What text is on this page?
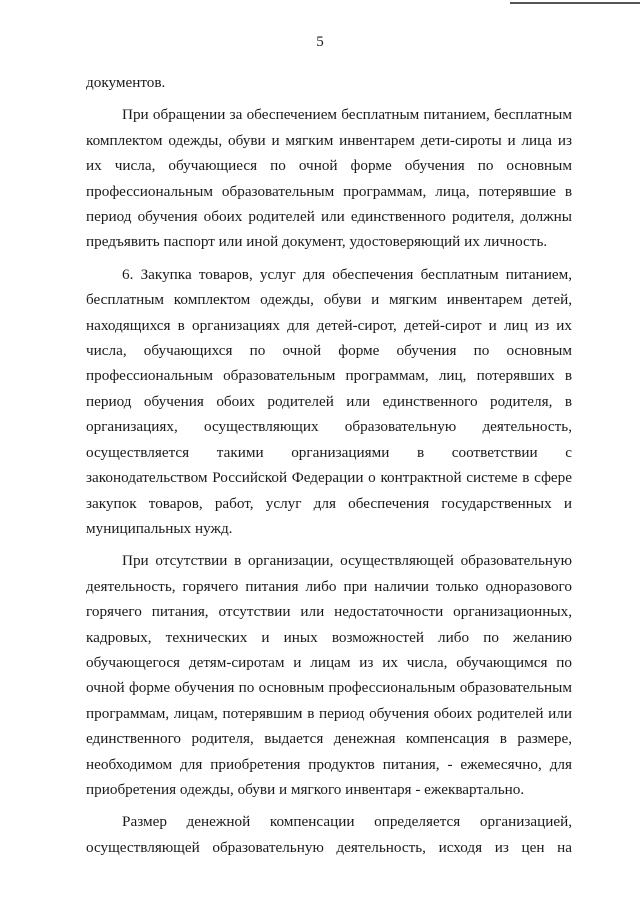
5

документов.

При обращении за обеспечением бесплатным питанием, бесплатным комплектом одежды, обуви и мягким инвентарем дети-сироты и лица из их числа, обучающиеся по очной форме обучения по основным профессиональным образовательным программам, лица, потерявшие в период обучения обоих родителей или единственного родителя, должны предъявить паспорт или иной документ, удостоверяющий их личность.

6. Закупка товаров, услуг для обеспечения бесплатным питанием, бесплатным комплектом одежды, обуви и мягким инвентарем детей, находящихся в организациях для детей-сирот, детей-сирот и лиц из их числа, обучающихся по очной форме обучения по основным профессиональным образовательным программам, лиц, потерявших в период обучения обоих родителей или единственного родителя, в организациях, осуществляющих образовательную деятельность, осуществляется такими организациями в соответствии с законодательством Российской Федерации о контрактной системе в сфере закупок товаров, работ, услуг для обеспечения государственных и муниципальных нужд.

При отсутствии в организации, осуществляющей образовательную деятельность, горячего питания либо при наличии только одноразового горячего питания, отсутствии или недостаточности организационных, кадровых, технических и иных возможностей либо по желанию обучающегося детям-сиротам и лицам из их числа, обучающимся по очной форме обучения по основным профессиональным образовательным программам, лицам, потерявшим в период обучения обоих родителей или единственного родителя, выдается денежная компенсация в размере, необходимом для приобретения продуктов питания, - ежемесячно, для приобретения одежды, обуви и мягкого инвентаря - ежеквартально.

Размер денежной компенсации определяется организацией, осуществляющей образовательную деятельность, исходя из цен на
